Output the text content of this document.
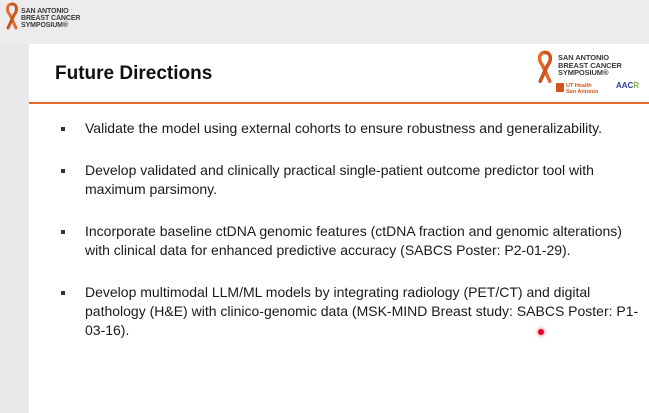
SAN ANTONIO
BREAST CANCER
SYMPOSIUM®
Future Directions
SAN ANTONIO
BREAST CANCER
SYMPOSIUM®
UT Health
San Antonio
AACR
Validate the model using external cohorts to ensure robustness and generalizability.
Develop validated and clinically practical single-patient outcome predictor tool with maximum parsimony.
Incorporate baseline ctDNA genomic features (ctDNA fraction and genomic alterations) with clinical data for enhanced predictive accuracy (SABCS Poster: P2-01-29).
Develop multimodal LLM/ML models by integrating radiology (PET/CT) and digital pathology (H&E) with clinico-genomic data (MSK-MIND Breast study: SABCS Poster: P1-03-16).
